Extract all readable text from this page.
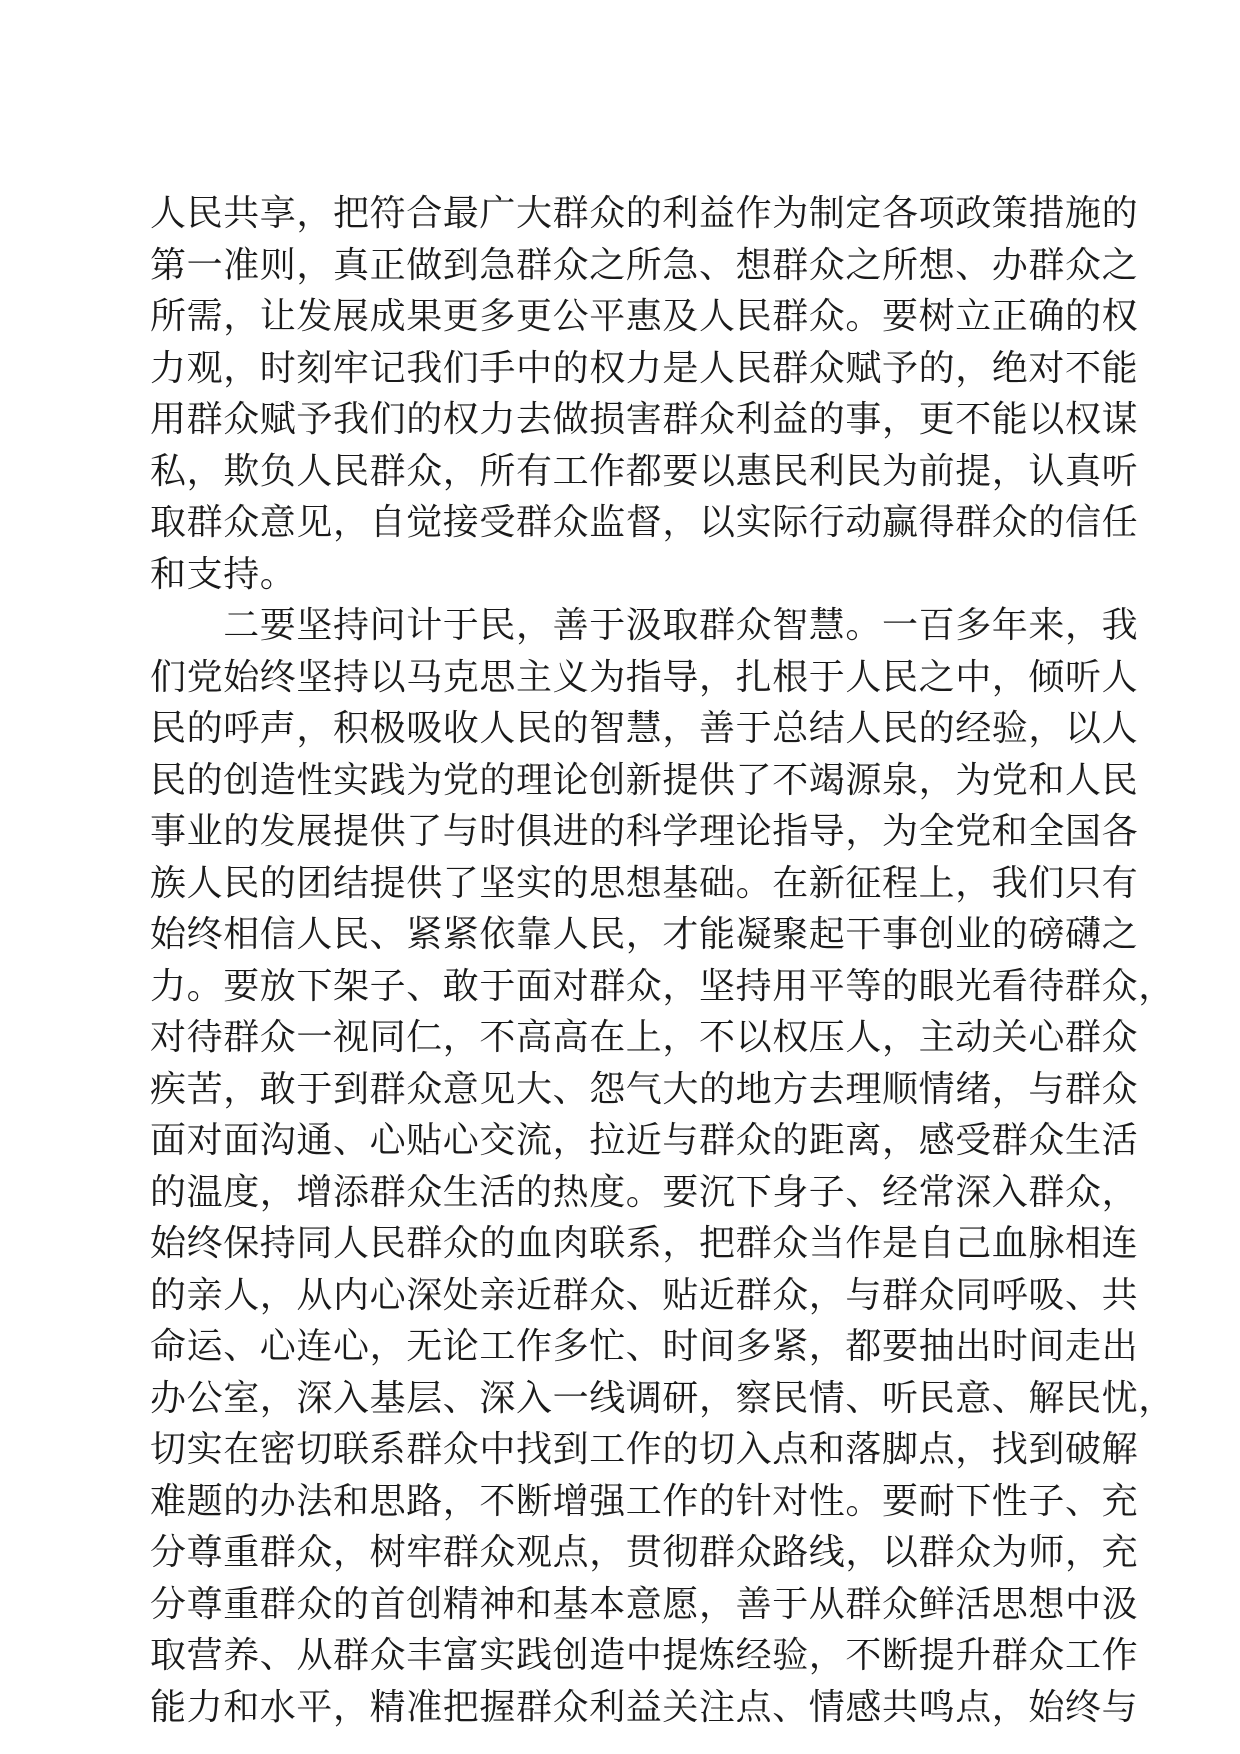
人民共享，把符合最广大群众的利益作为制定各项政策措施的
第一准则，真正做到急群众之所急、想群众之所想、办群众之
所需，让发展成果更多更公平惠及人民群众。要树立正确的权
力观，时刻牢记我们手中的权力是人民群众赋予的，绝对不能
用群众赋予我们的权力去做损害群众利益的事，更不能以权谋
私，欺负人民群众，所有工作都要以惠民利民为前提，认真听
取群众意见，自觉接受群众监督，以实际行动赢得群众的信任
和支持。
　　二要坚持问计于民，善于汲取群众智慧。一百多年来，我
们党始终坚持以马克思主义为指导，扎根于人民之中，倾听人
民的呼声，积极吸收人民的智慧，善于总结人民的经验，以人
民的创造性实践为党的理论创新提供了不竭源泉，为党和人民
事业的发展提供了与时俱进的科学理论指导，为全党和全国各
族人民的团结提供了坚实的思想基础。在新征程上，我们只有
始终相信人民、紧紧依靠人民，才能凝聚起干事创业的磅礴之
力。要放下架子、敢于面对群众，坚持用平等的眼光看待群众，
对待群众一视同仁，不高高在上，不以权压人，主动关心群众
疾苦，敢于到群众意见大、怨气大的地方去理顺情绪，与群众
面对面沟通、心贴心交流，拉近与群众的距离，感受群众生活
的温度，增添群众生活的热度。要沉下身子、经常深入群众，
始终保持同人民群众的血肉联系，把群众当作是自己血脉相连
的亲人，从内心深处亲近群众、贴近群众，与群众同呼吸、共
命运、心连心，无论工作多忙、时间多紧，都要抽出时间走出
办公室，深入基层、深入一线调研，察民情、听民意、解民忧，
切实在密切联系群众中找到工作的切入点和落脚点，找到破解
难题的办法和思路，不断增强工作的针对性。要耐下性子、充
分尊重群众，树牢群众观点，贯彻群众路线，以群众为师，充
分尊重群众的首创精神和基本意愿，善于从群众鲜活思想中汲
取营养、从群众丰富实践创造中提炼经验，不断提升群众工作
能力和水平，精准把握群众利益关注点、情感共鸣点，始终与
